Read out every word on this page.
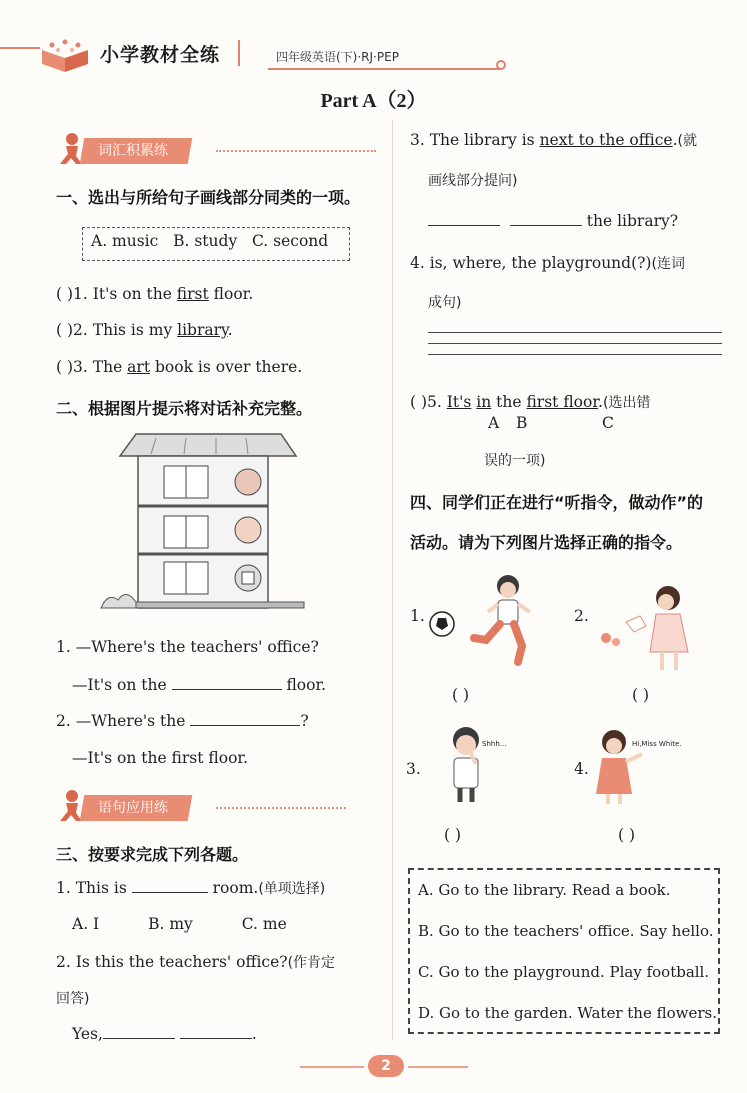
小学教材全练	四年级英语(下)·RJ·PEP
Part A（2）
词汇积累练
一、选出与所给句子画线部分同类的一项。
A. music B. study C. second
( )1. It's on the first floor.
( )2. This is my library.
( )3. The art book is over there.
二、根据图片提示将对话补充完整。
1. —Where's the teachers' office?
—It's on the	floor.
2. —Where's the	?
—It's on the first floor.
语句应用练
三、按要求完成下列各题。
1. This is	room.(单项选择)
A. I	B. my	C. me
2. Is this the teachers' office?(作肯定
回答)
Yes,	.
3. The library is next to the office.(就
画线部分提问)
the library?
4. is, where, the playground(?)(连词
成句)
( )5. It's in the first floor.(选出错
A B	C
误的一项)
四、同学们正在进行“听指令，做动作”的
活动。请为下列图片选择正确的指令。
1.
( )
2.
( )
3.
Shhh...
( )
4.
Hi,Miss White.
( )
A. Go to the library. Read a book.
B. Go to the teachers' office. Say hello.
C. Go to the playground. Play football.
D. Go to the garden. Water the flowers.
2
